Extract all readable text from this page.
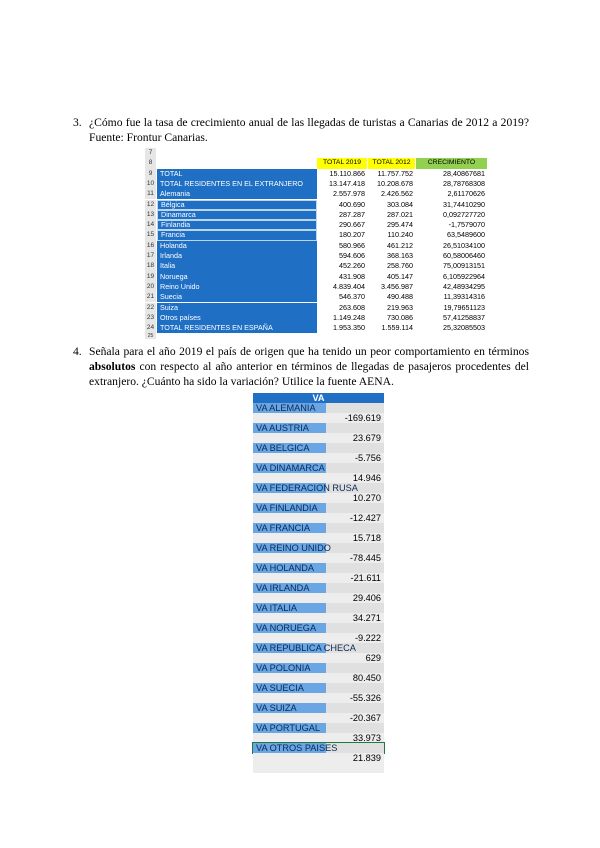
3. ¿Cómo fue la tasa de crecimiento anual de las llegadas de turistas a Canarias de 2012 a 2019? Fuente: Frontur Canarias.
7
8	TOTAL 2019	TOTAL 2012	CRECIMIENTO
9	TOTAL	15.110.866	11.757.752	28,40867681
10 TOTAL RESIDENTES EN EL EXTRANJERO	13.147.418	10.208.678	28,78768308
11 Alemania	2.557.978	2.426.562	2,61170626
12 Bélgica	400.690	303.084	31,74410290
13 Dinamarca	287.287	287.021	0,092727720
14 Finlandia	290.667	295.474	-1,7579070
15 Francia	180.207	110.240	63,5489600
16 Holanda	580.966	461.212	26,51034100
17 Irlanda	594.606	368.163	60,58006460
18 Italia	452.260	258.760	75,00913151
19 Noruega	431.908	405.147	6,105922964
20 Reino Unido	4.839.404	3.456.987	42,48934295
21 Suecia	546.370	490.488	11,39314316
22 Suiza	263.608	219.963	19,79651123
23 Otros países	1.149.248	730.086	57,41258837
24 TOTAL RESIDENTES EN ESPAÑA	1.953.350	1.559.114	25,32085503
25
4. Señala para el año 2019 el país de origen que ha tenido un peor comportamiento en términos absolutos con respecto al año anterior en términos de llegadas de pasajeros procedentes del extranjero. ¿Cuánto ha sido la variación? Utilice la fuente AENA.
VA
VA ALEMANIA
-169.619
VA AUSTRIA
23.679
VA BELGICA
-5.756
VA DINAMARCA
14.946
VA FEDERACION RUSA
10.270
VA FINLANDIA
-12.427
VA FRANCIA
15.718
VA REINO UNIDO
-78.445
VA HOLANDA
-21.611
VA IRLANDA
29.406
VA ITALIA
34.271
VA NORUEGA
-9.222
VA REPUBLICA CHECA
629
VA POLONIA
80.450
VA SUECIA
-55.326
VA SUIZA
-20.367
VA PORTUGAL
33.973
VA OTROS PAISES
21.839
